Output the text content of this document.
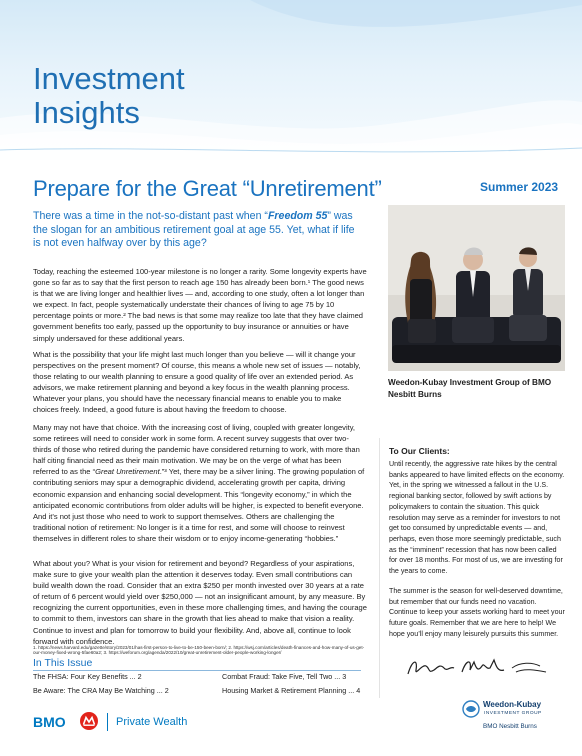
Investment
Insights
Prepare for the Great “Unretirement”	Summer 2023
There was a time in the not-so-distant past when “Freedom 55” was the slogan for an ambitious retirement goal at age 55. Yet, what if life is not even halfway over by this age?
Today, reaching the esteemed 100-year milestone is no longer a rarity. Some longevity experts have gone so far as to say that the first person to reach age 150 has already been born.¹ The good news is that we are living longer and healthier lives — and, according to one study, often a lot longer than we expect. In fact, people systematically understate their chances of living to age 75 by 10 percentage points or more.² The bad news is that some may realize too late that they have claimed government benefits too early, passed up the opportunity to buy insurance or annuities or have simply undersaved for these additional years.
What is the possibility that your life might last much longer than you believe — will it change your perspectives on the present moment? Of course, this means a whole new set of issues — notably, those relating to our wealth planning to ensure a good quality of life over an extended period. As advisors, we make retirement planning and beyond a key focus in the wealth planning process. Whatever your plans, you should have the necessary financial means to enable you to make choices freely. Indeed, a good future is about having the freedom to choose.
Many may not have that choice. With the increasing cost of living, coupled with greater longevity, some retirees will need to consider work in some form. A recent survey suggests that over two-thirds of those who retired during the pandemic have considered returning to work, with more than half citing financial need as their main motivation. We may be on the verge of what has been referred to as the “Great Unretirement.”³ Yet, there may be a silver lining. The growing population of contributing seniors may spur a demographic dividend, accelerating growth per capita, driving economic expansion and enhancing social development. This “longevity economy,” in which the anticipated economic contributions from older adults will be higher, is expected to benefit everyone. And it’s not just those who need to work to support themselves. Others are challenging the traditional notion of retirement: No longer is it a time for rest, and some will choose to reinvest themselves in different roles to share their wisdom or to enjoy income-generating “hobbies.”
What about you? What is your vision for retirement and beyond? Regardless of your aspirations, make sure to give your wealth plan the attention it deserves today. Even small contributions can build wealth down the road. Consider that an extra $250 per month invested over 30 years at a rate of return of 6 percent would yield over $250,000 — not an insignificant amount, by any measure. By recognizing the current opportunities, even in these more challenging times, and having the courage to commit to them, investors can share in the growth that lies ahead to make that vision a reality. Continue to invest and plan for tomorrow to build your flexibility. And, above all, continue to look forward with confidence.
1. https://news.harvard.edu/gazette/story/2023/01/has-first-person-to-live-to-be-150-been-born/; 2. https://wsj.com/articles/death-finances-and-how-many-of-us-get-our-money-fixed-wrong-5fae60a2; 3. https://weforum.org/agenda/2022/10/great-unretirement-older-people-working-longer/
In This Issue
The FHSA: Four Key Benefits ... 2
Be Aware: The CRA May Be Watching ... 2
Combat Fraud: Take Five, Tell Two ... 3
Housing Market & Retirement Planning ... 4
BMO	Private Wealth
Weedon-Kubay Investment Group of BMO Nesbitt Burns
To Our Clients:
Until recently, the aggressive rate hikes by the central banks appeared to have limited effects on the economy. Yet, in the spring we witnessed a fallout in the U.S. regional banking sector, followed by swift actions by policymakers to contain the situation. This quick resolution may serve as a reminder for investors to not get too consumed by unpredictable events — and, perhaps, even those more seemingly predictable, such as the “imminent” recession that has now been called for over 18 months. For most of us, we are investing for the years to come.
The summer is the season for well-deserved downtime, but remember that our funds need no vacation. Continue to keep your assets working hard to meet your future goals. Remember that we are here to help! We hope you’ll enjoy many leisurely pursuits this summer.
Weedon-Kubay
INVESTMENT GROUP
BMO Nesbitt Burns
